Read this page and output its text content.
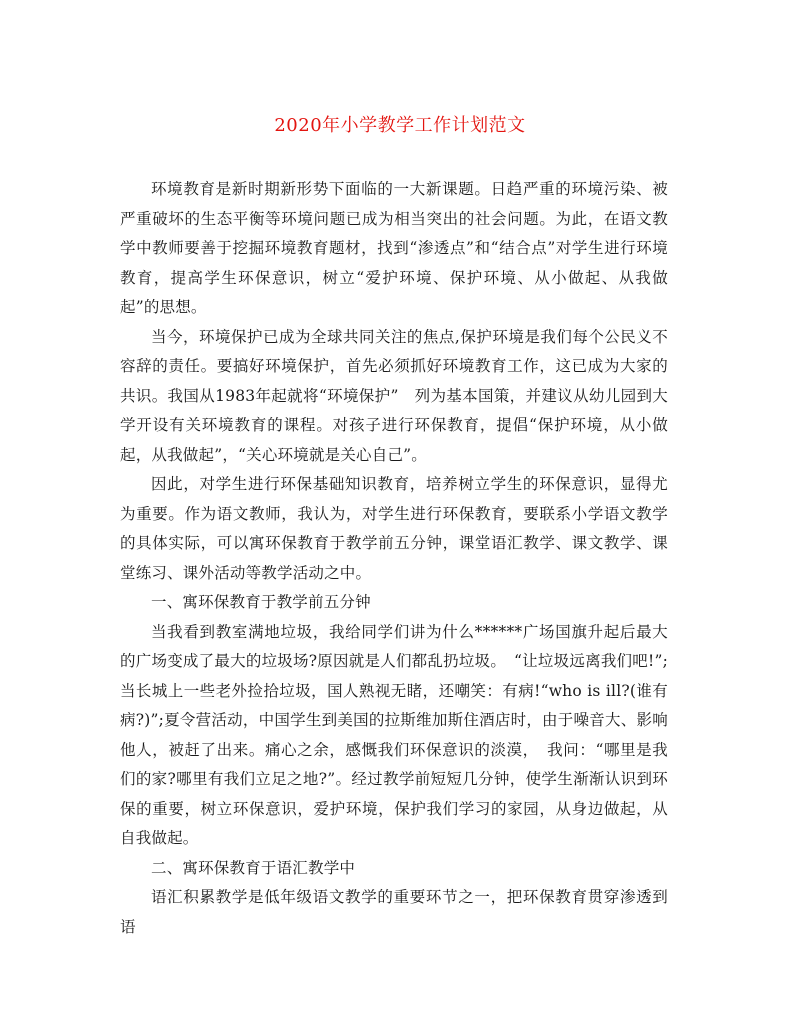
2020年小学教学工作计划范文

环境教育是新时期新形势下面临的一大新课题。日趋严重的环境污染、被严重破坏的生态平衡等环境问题已成为相当突出的社会问题。为此，在语文教学中教师要善于挖掘环境教育题材，找到“渗透点”和“结合点”对学生进行环境教育，提高学生环保意识，树立“爱护环境、保护环境、从小做起、从我做起”的思想。

当今，环境保护已成为全球共同关注的焦点,保护环境是我们每个公民义不容辞的责任。要搞好环境保护，首先必须抓好环境教育工作，这已成为大家的共识。我国从1983年起就将“环境保护”　列为基本国策，并建议从幼儿园到大学开设有关环境教育的课程。对孩子进行环保教育，提倡“保护环境，从小做起，从我做起”，“关心环境就是关心自己”。

因此，对学生进行环保基础知识教育，培养树立学生的环保意识，显得尤为重要。作为语文教师，我认为，对学生进行环保教育，要联系小学语文教学的具体实际，可以寓环保教育于教学前五分钟，课堂语汇教学、课文教学、课堂练习、课外活动等教学活动之中。

一、寓环保教育于教学前五分钟

当我看到教室满地垃圾，我给同学们讲为什么******广场国旗升起后最大的广场变成了最大的垃圾场?原因就是人们都乱扔垃圾。　“让垃圾远离我们吧!”;当长城上一些老外捡拾垃圾，国人熟视无睹，还嘲笑：有病!“who is ill?(谁有病?)”;夏令营活动，中国学生到美国的拉斯维加斯住酒店时，由于噪音大、影响他人，被赶了出来。痛心之余，感慨我们环保意识的淡漠，　我问：“哪里是我们的家?哪里有我们立足之地?”。经过教学前短短几分钟，使学生渐渐认识到环保的重要，树立环保意识，爱护环境，保护我们学习的家园，从身边做起，从自我做起。

二、寓环保教育于语汇教学中

语汇积累教学是低年级语文教学的重要环节之一，把环保教育贯穿渗透到语
